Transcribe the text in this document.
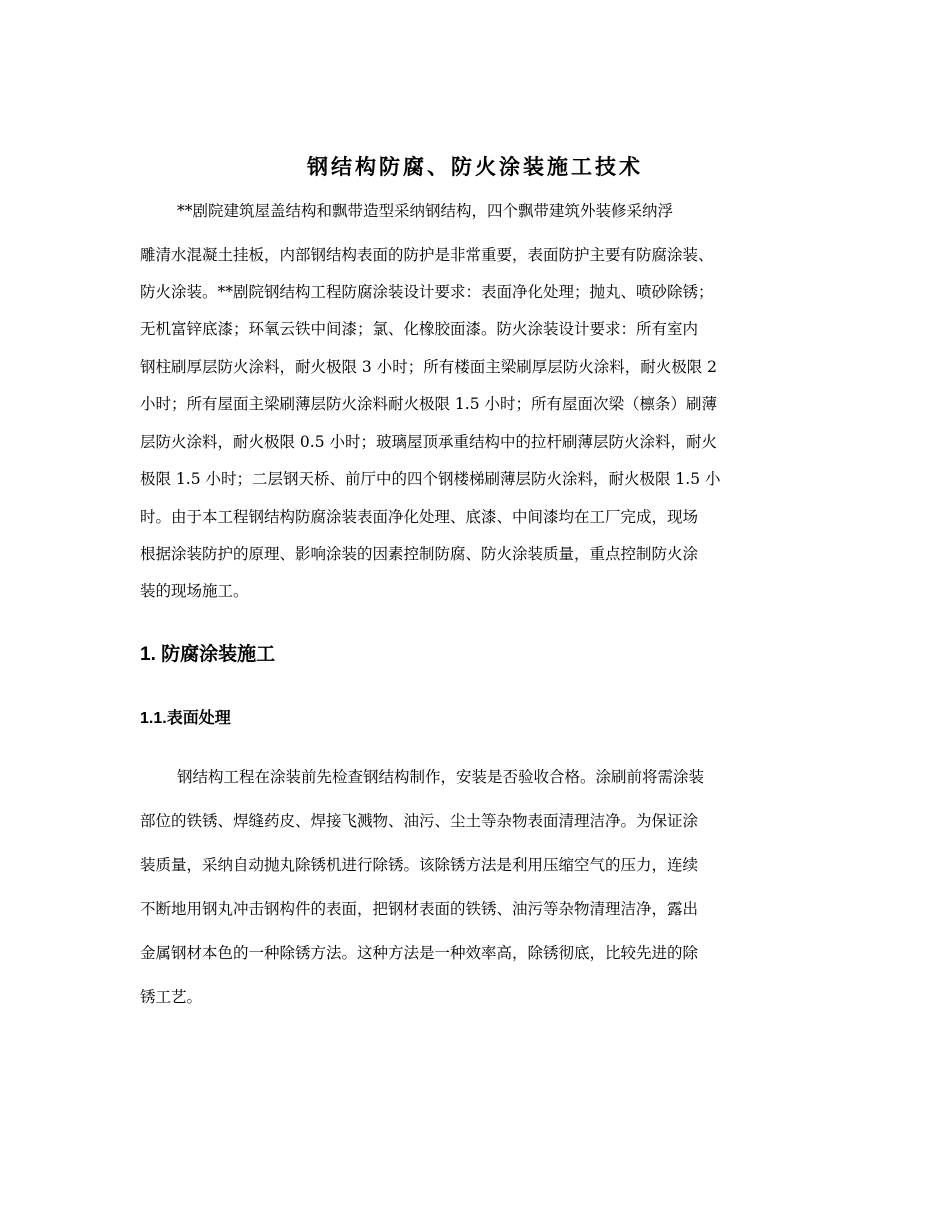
钢结构防腐、防火涂装施工技术

**剧院建筑屋盖结构和飘带造型采纳钢结构，四个飘带建筑外装修采纳浮

雕清水混凝土挂板，内部钢结构表面的防护是非常重要，表面防护主要有防腐涂装、

防火涂装。**剧院钢结构工程防腐涂装设计要求：表面净化处理；抛丸、喷砂除锈；

无机富锌底漆；环氧云铁中间漆；氯、化橡胶面漆。防火涂装设计要求：所有室内

钢柱刷厚层防火涂料，耐火极限 3 小时；所有楼面主梁刷厚层防火涂料，耐火极限 2

小时；所有屋面主梁刷薄层防火涂料耐火极限 1.5 小时；所有屋面次梁（檩条）刷薄

层防火涂料，耐火极限 0.5 小时；玻璃屋顶承重结构中的拉杆刷薄层防火涂料，耐火

极限 1.5 小时；二层钢天桥、前厅中的四个钢楼梯刷薄层防火涂料，耐火极限 1.5 小

时。由于本工程钢结构防腐涂装表面净化处理、底漆、中间漆均在工厂完成，现场

根据涂装防护的原理、影响涂装的因素控制防腐、防火涂装质量，重点控制防火涂

装的现场施工。

1. 防腐涂装施工
1.1.表面处理

钢结构工程在涂装前先检查钢结构制作，安装是否验收合格。涂刷前将需涂装

部位的铁锈、焊缝药皮、焊接飞溅物、油污、尘土等杂物表面清理洁净。为保证涂

装质量，采纳自动抛丸除锈机进行除锈。该除锈方法是利用压缩空气的压力，连续

不断地用钢丸冲击钢构件的表面，把钢材表面的铁锈、油污等杂物清理洁净，露出

金属钢材本色的一种除锈方法。这种方法是一种效率高，除锈彻底，比较先进的除

锈工艺。
